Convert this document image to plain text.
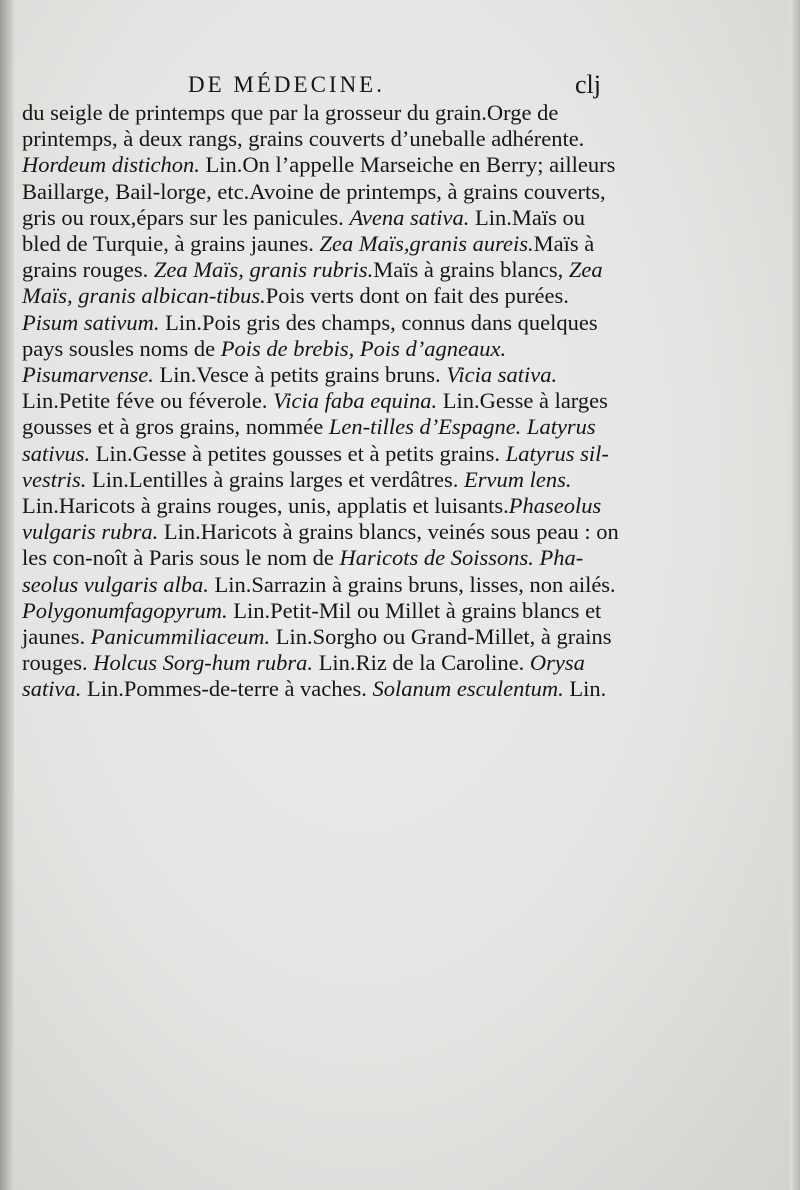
DE MÉDECINE.	clj
du seigle de printemps que par la grosseur du grain.Orge de printemps, à deux rangs, grains couverts d’uneballe adhérente. Hordeum distichon. Lin.On l’appelle Marseiche en Berry; ailleurs Baillarge, Bail-lorge, etc.Avoine de printemps, à grains couverts, gris ou roux,épars sur les panicules. Avena sativa. Lin.Maïs ou bled de Turquie, à grains jaunes. Zea Maïs,granis aureis.Maïs à grains rouges. Zea Maïs, granis rubris.Maïs à grains blancs, Zea Maïs, granis albican-tibus.Pois verts dont on fait des purées. Pisum sativum. Lin.Pois gris des champs, connus dans quelques pays sousles noms de Pois de brebis, Pois d’agneaux. Pisumarvense. Lin.Vesce à petits grains bruns. Vicia sativa. Lin.Petite féve ou féverole. Vicia faba equina. Lin.Gesse à larges gousses et à gros grains, nommée Len-tilles d’Espagne. Latyrus sativus. Lin.Gesse à petites gousses et à petits grains. Latyrus sil-vestris. Lin.Lentilles à grains larges et verdâtres. Ervum lens. Lin.Haricots à grains rouges, unis, applatis et luisants.Phaseolus vulgaris rubra. Lin.Haricots à grains blancs, veinés sous peau : on les con-noît à Paris sous le nom de Haricots de Soissons. Pha-seolus vulgaris alba. Lin.Sarrazin à grains bruns, lisses, non ailés. Polygonumfagopyrum. Lin.Petit-Mil ou Millet à grains blancs et jaunes. Panicummiliaceum. Lin.Sorgho ou Grand-Millet, à grains rouges. Holcus Sorg-hum rubra. Lin.Riz de la Caroline. Orysa sativa. Lin.Pommes-de-terre à vaches. Solanum esculentum. Lin.
